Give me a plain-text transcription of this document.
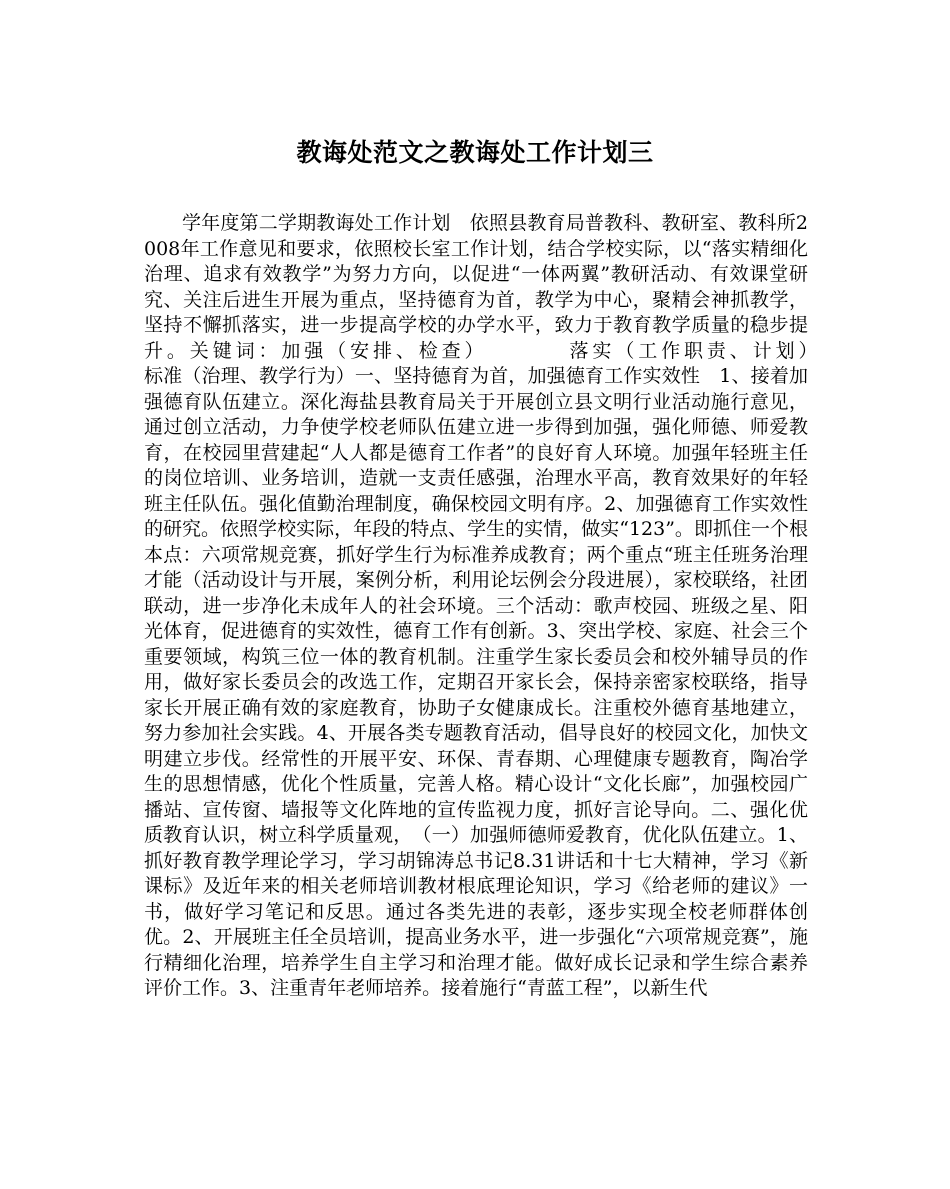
教诲处范文之教诲处工作计划三

学年度第二学期教诲处工作计划　依照县教育局普教科、教研室、教科所2008年工作意见和要求，依照校长室工作计划，结合学校实际，以“落实精细化治理、追求有效教学”为努力方向，以促进“一体两翼”教研活动、有效课堂研究、关注后进生开展为重点，坚持德育为首，教学为中心，聚精会神抓教学，坚持不懈抓落实，进一步提高学校的办学水平，致力于教育教学质量的稳步提升。关键词：加强（安排、检查）　　　　落实（工作职责、计划）　　　　　标准（治理、教学行为）一、坚持德育为首，加强德育工作实效性　1、接着加强德育队伍建立。深化海盐县教育局关于开展创立县文明行业活动施行意见，通过创立活动，力争使学校老师队伍建立进一步得到加强，强化师德、师爱教育，在校园里营建起“人人都是德育工作者”的良好育人环境。加强年轻班主任的岗位培训、业务培训，造就一支责任感强，治理水平高，教育效果好的年轻班主任队伍。强化值勤治理制度，确保校园文明有序。2、加强德育工作实效性的研究。依照学校实际，年段的特点、学生的实情，做实“123”。即抓住一个根本点：六项常规竞赛，抓好学生行为标准养成教育；两个重点“班主任班务治理才能（活动设计与开展，案例分析，利用论坛例会分段进展），家校联络，社团联动，进一步净化未成年人的社会环境。三个活动：歌声校园、班级之星、阳光体育，促进德育的实效性，德育工作有创新。3、突出学校、家庭、社会三个重要领域，构筑三位一体的教育机制。注重学生家长委员会和校外辅导员的作用，做好家长委员会的改选工作，定期召开家长会，保持亲密家校联络，指导家长开展正确有效的家庭教育，协助子女健康成长。注重校外德育基地建立，努力参加社会实践。4、开展各类专题教育活动，倡导良好的校园文化，加快文明建立步伐。经常性的开展平安、环保、青春期、心理健康专题教育，陶冶学生的思想情感，优化个性质量，完善人格。精心设计“文化长廊”，加强校园广播站、宣传窗、墙报等文化阵地的宣传监视力度，抓好言论导向。二、强化优质教育认识，树立科学质量观，　（一）加强师德师爱教育，优化队伍建立。1、抓好教育教学理论学习，学习胡锦涛总书记8.31讲话和十七大精神，学习《新课标》及近年来的相关老师培训教材根底理论知识，学习《给老师的建议》一书，做好学习笔记和反思。通过各类先进的表彰，逐步实现全校老师群体创优。2、开展班主任全员培训，提高业务水平，进一步强化“六项常规竞赛”，施行精细化治理，培养学生自主学习和治理才能。做好成长记录和学生综合素养评价工作。3、注重青年老师培养。接着施行“青蓝工程”，以新生代
